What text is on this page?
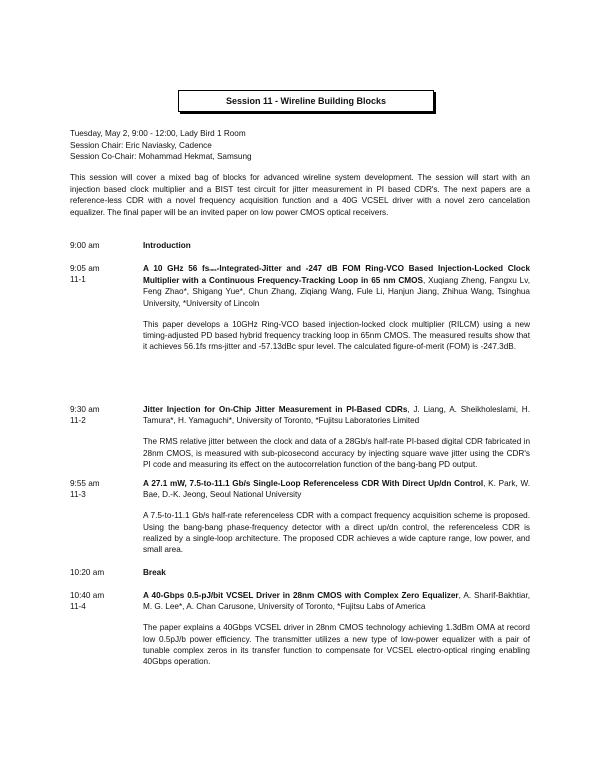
Session 11 - Wireline Building Blocks
Tuesday, May 2, 9:00 - 12:00, Lady Bird 1 Room
Session Chair: Eric Naviasky, Cadence
Session Co-Chair: Mohammad Hekmat, Samsung
This session will cover a mixed bag of blocks for advanced wireline system development. The session will start with an injection based clock multiplier and a BIST test circuit for jitter measurement in PI based CDR's. The next papers are a reference-less CDR with a novel frequency acquisition function and a 40G VCSEL driver with a novel zero cancelation equalizer. The final paper will be an invited paper on low power CMOS optical receivers.
9:00 am	Introduction
9:05 am
11-1
A 10 GHz 56 fsrms-Integrated-Jitter and -247 dB FOM Ring-VCO Based Injection-Locked Clock Multiplier with a Continuous Frequency-Tracking Loop in 65 nm CMOS, Xuqiang Zheng, Fangxu Lv, Feng Zhao*, Shigang Yue*, Chun Zhang, Ziqiang Wang, Fule Li, Hanjun Jiang, Zhihua Wang, Tsinghua University, *University of Lincoln
This paper develops a 10GHz Ring-VCO based injection-locked clock multiplier (RILCM) using a new timing-adjusted PD based hybrid frequency tracking loop in 65nm CMOS. The measured results show that it achieves 56.1fs rms-jitter and -57.13dBc spur level. The calculated figure-of-merit (FOM) is -247.3dB.
9:30 am
11-2
Jitter Injection for On-Chip Jitter Measurement in PI-Based CDRs, J. Liang, A. Sheikholeslami, H. Tamura*, H. Yamaguchi*, University of Toronto, *Fujitsu Laboratories Limited
The RMS relative jitter between the clock and data of a 28Gb/s half-rate PI-based digital CDR fabricated in 28nm CMOS, is measured with sub-picosecond accuracy by injecting square wave jitter using the CDR's PI code and measuring its effect on the autocorrelation function of the bang-bang PD output.
9:55 am
11-3
A 27.1 mW, 7.5-to-11.1 Gb/s Single-Loop Referenceless CDR With Direct Up/dn Control, K. Park, W. Bae, D.-K. Jeong, Seoul National University
A 7.5-to-11.1 Gb/s half-rate referenceless CDR with a compact frequency acquisition scheme is proposed. Using the bang-bang phase-frequency detector with a direct up/dn control, the referenceless CDR is realized by a single-loop architecture. The proposed CDR achieves a wide capture range, low power, and small area.
10:20 am	Break
10:40 am
11-4
A 40-Gbps 0.5-pJ/bit VCSEL Driver in 28nm CMOS with Complex Zero Equalizer, A. Sharif-Bakhtiar, M. G. Lee*, A. Chan Carusone, University of Toronto, *Fujitsu Labs of America
The paper explains a 40Gbps VCSEL driver in 28nm CMOS technology achieving 1.3dBm OMA at record low 0.5pJ/b power efficiency. The transmitter utilizes a new type of low-power equalizer with a pair of tunable complex zeros in its transfer function to compensate for VCSEL electro-optical ringing enabling 40Gbps operation.
